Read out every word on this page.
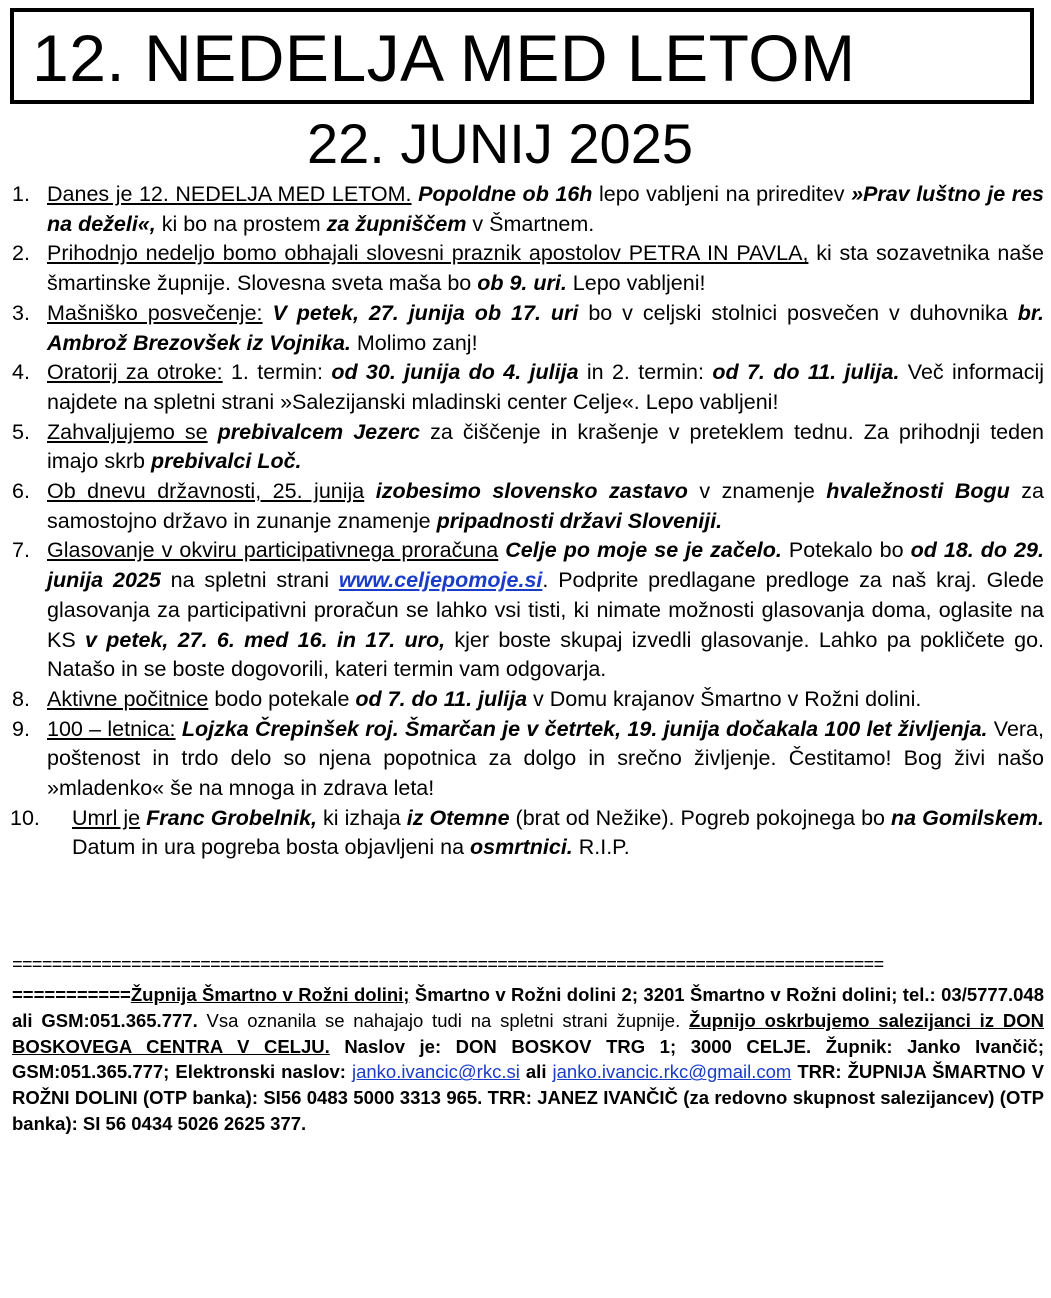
12. NEDELJA MED LETOM
22. JUNIJ 2025
1. Danes je 12. NEDELJA MED LETOM. Popoldne ob 16h lepo vabljeni na prireditev »Prav luštno je res na deželi«, ki bo na prostem za župniščem v Šmartnem.
2. Prihodnjo nedeljo bomo obhajali slovesni praznik apostolov PETRA IN PAVLA, ki sta sozavetnika naše šmartinske župnije. Slovesna sveta maša bo ob 9. uri. Lepo vabljeni!
3. Mašniško posvečenje: V petek, 27. junija ob 17. uri bo v celjski stolnici posvečen v duhovnika br. Ambrož Brezovšek iz Vojnika. Molimo zanj!
4. Oratorij za otroke: 1. termin: od 30. junija do 4. julija in 2. termin: od 7. do 11. julija. Več informacij najdete na spletni strani »Salezijanski mladinski center Celje«. Lepo vabljeni!
5. Zahvaljujemo se prebivalcem Jezerc za čiščenje in krašenje v preteklem tednu. Za prihodnji teden imajo skrb prebivalci Loč.
6. Ob dnevu državnosti, 25. junija izobesimo slovensko zastavo v znamenje hvaležnosti Bogu za samostojno državo in zunanje znamenje pripadnosti državi Sloveniji.
7. Glasovanje v okviru participativnega proračuna Celje po moje se je začelo. Potekalo bo od 18. do 29. junija 2025 na spletni strani www.celjepomoje.si. Podprite predlagane predloge za naš kraj. Glede glasovanja za participativni proračun se lahko vsi tisti, ki nimate možnosti glasovanja doma, oglasite na KS v petek, 27. 6. med 16. in 17. uro, kjer boste skupaj izvedli glasovanje. Lahko pa pokličete go. Natašo in se boste dogovorili, kateri termin vam odgovarja.
8. Aktivne počitnice bodo potekale od 7. do 11. julija v Domu krajanov Šmartno v Rožni dolini.
9. 100 – letnica: Lojzka Črepinšek roj. Šmarčan je v četrtek, 19. junija dočakala 100 let življenja. Vera, poštenost in trdo delo so njena popotnica za dolgo in srečno življenje. Čestitamo! Bog živi našo »mladenko« še na mnoga in zdrava leta!
10. Umrl je Franc Grobelnik, ki izhaja iz Otemne (brat od Nežike). Pogreb pokojnega bo na Gomilskem. Datum in ura pogreba bosta objavljeni na osmrtnici. R.I.P.
========================================================================================
===========Župnija Šmartno v Rožni dolini; Šmartno v Rožni dolini 2; 3201 Šmartno v Rožni dolini; tel.: 03/5777.048 ali GSM:051.365.777. Vsa oznanila se nahajajo tudi na spletni strani župnije. Župnijo oskrbujemo salezijanci iz DON BOSKOVEGA CENTRA V CELJU. Naslov je: DON BOSKOV TRG 1; 3000 CELJE. Župnik: Janko Ivančič; GSM:051.365.777; Elektronski naslov: janko.ivancic@rkc.si ali janko.ivancic.rkc@gmail.com TRR: ŽUPNIJA ŠMARTNO V ROŽNI DOLINI (OTP banka): SI56 0483 5000 3313 965. TRR: JANEZ IVANČIČ (za redovno skupnost salezijancev) (OTP banka): SI 56 0434 5026 2625 377.
